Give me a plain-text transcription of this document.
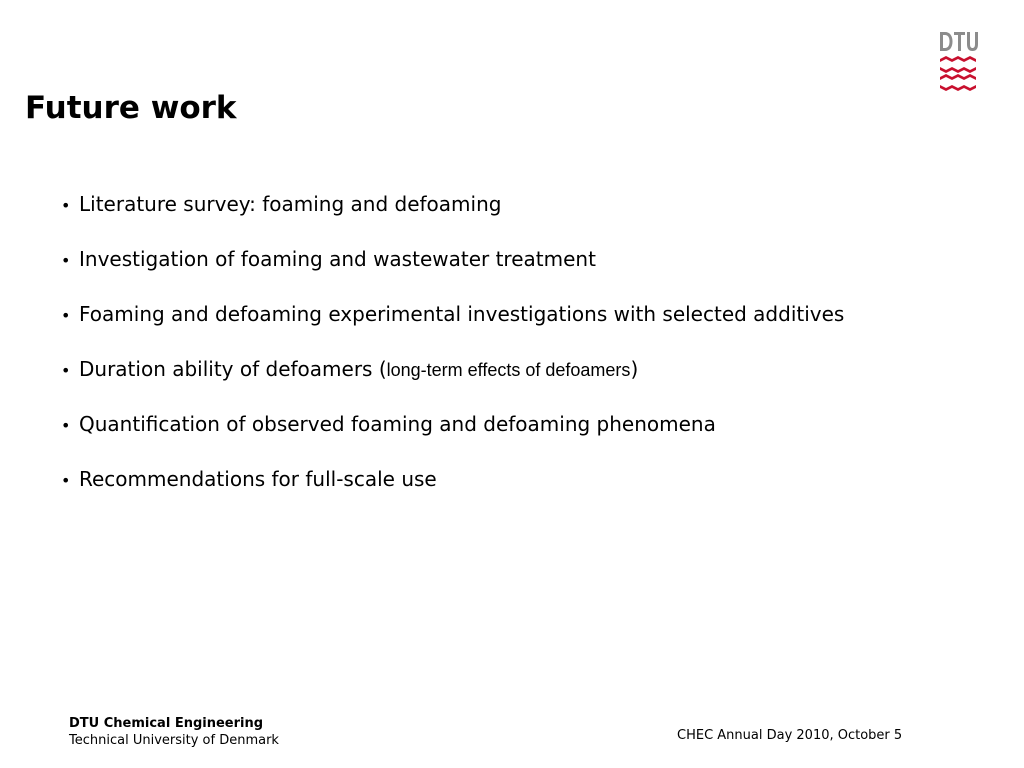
Future work
• Literature survey: foaming and defoaming
• Investigation of foaming and wastewater treatment
• Foaming and defoaming experimental investigations with selected additives
• Duration ability of defoamers (long-term effects of defoamers)
• Quantification of observed foaming and defoaming phenomena
• Recommendations for full-scale use
DTU Chemical Engineering
Technical University of Denmark	CHEC Annual Day 2010, October 5
